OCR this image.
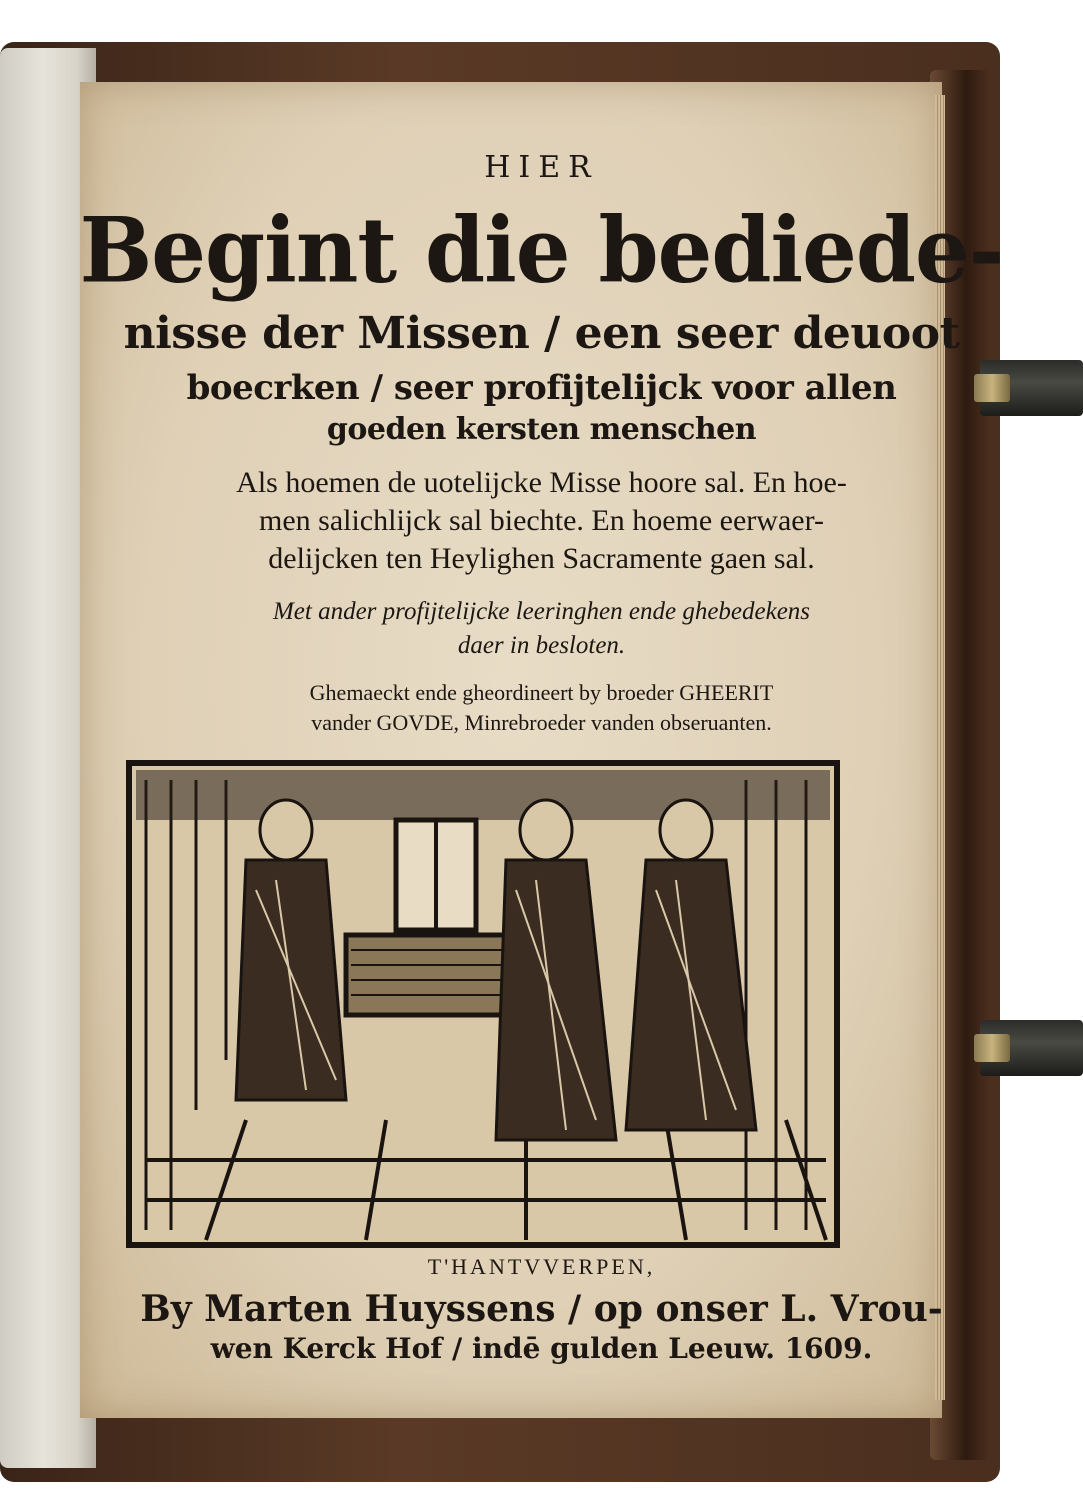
HIER
Begint die bediede-
nisse der Missen / een seer deuoot
boecrken / seer profijtelijck voor allen
goeden kersten menschen
Als hoemen de uotelijcke Misse hoore sal. En hoe-
men salichlijck sal biechte. En hoeme eerwaer-
delijcken ten Heylighen Sacramente gaen sal.
Met ander profijtelijcke leeringhen ende ghebedekens
daer in besloten.
Ghemaeckt ende gheordineert by broeder GHEERIT
vander GOVDE, Minrebroeder vanden obseruanten.
T'HANTVVERPEN,
By Marten Huyssens / op onser L. Vrou-
wen Kerck Hof / indē gulden Leeuw. 1609.
